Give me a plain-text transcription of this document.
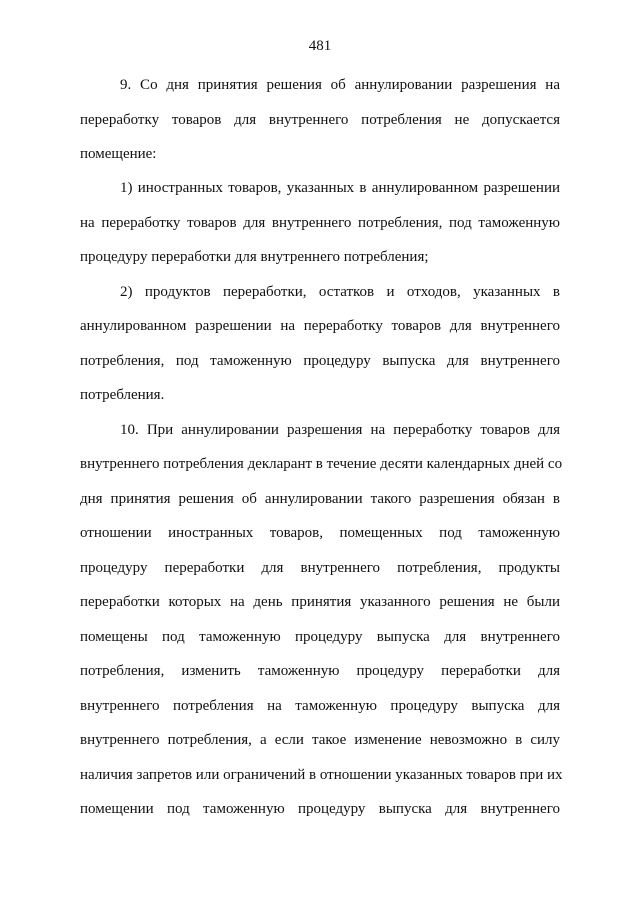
481
9. Со дня принятия решения об аннулировании разрешения на
переработку товаров для внутреннего потребления не допускается
помещение:
1) иностранных товаров, указанных в аннулированном разрешении
на переработку товаров для внутреннего потребления, под таможенную
процедуру переработки для внутреннего потребления;
2) продуктов переработки, остатков и отходов, указанных в
аннулированном разрешении на переработку товаров для внутреннего
потребления, под таможенную процедуру выпуска для внутреннего
потребления.
10. При аннулировании разрешения на переработку товаров для
внутреннего потребления декларант в течение десяти календарных дней со
дня принятия решения об аннулировании такого разрешения обязан в
отношении иностранных товаров, помещенных под таможенную
процедуру переработки для внутреннего потребления, продукты
переработки которых на день принятия указанного решения не были
помещены под таможенную процедуру выпуска для внутреннего
потребления, изменить таможенную процедуру переработки для
внутреннего потребления на таможенную процедуру выпуска для
внутреннего потребления, а если такое изменение невозможно в силу
наличия запретов или ограничений в отношении указанных товаров при их
помещении под таможенную процедуру выпуска для внутреннего
